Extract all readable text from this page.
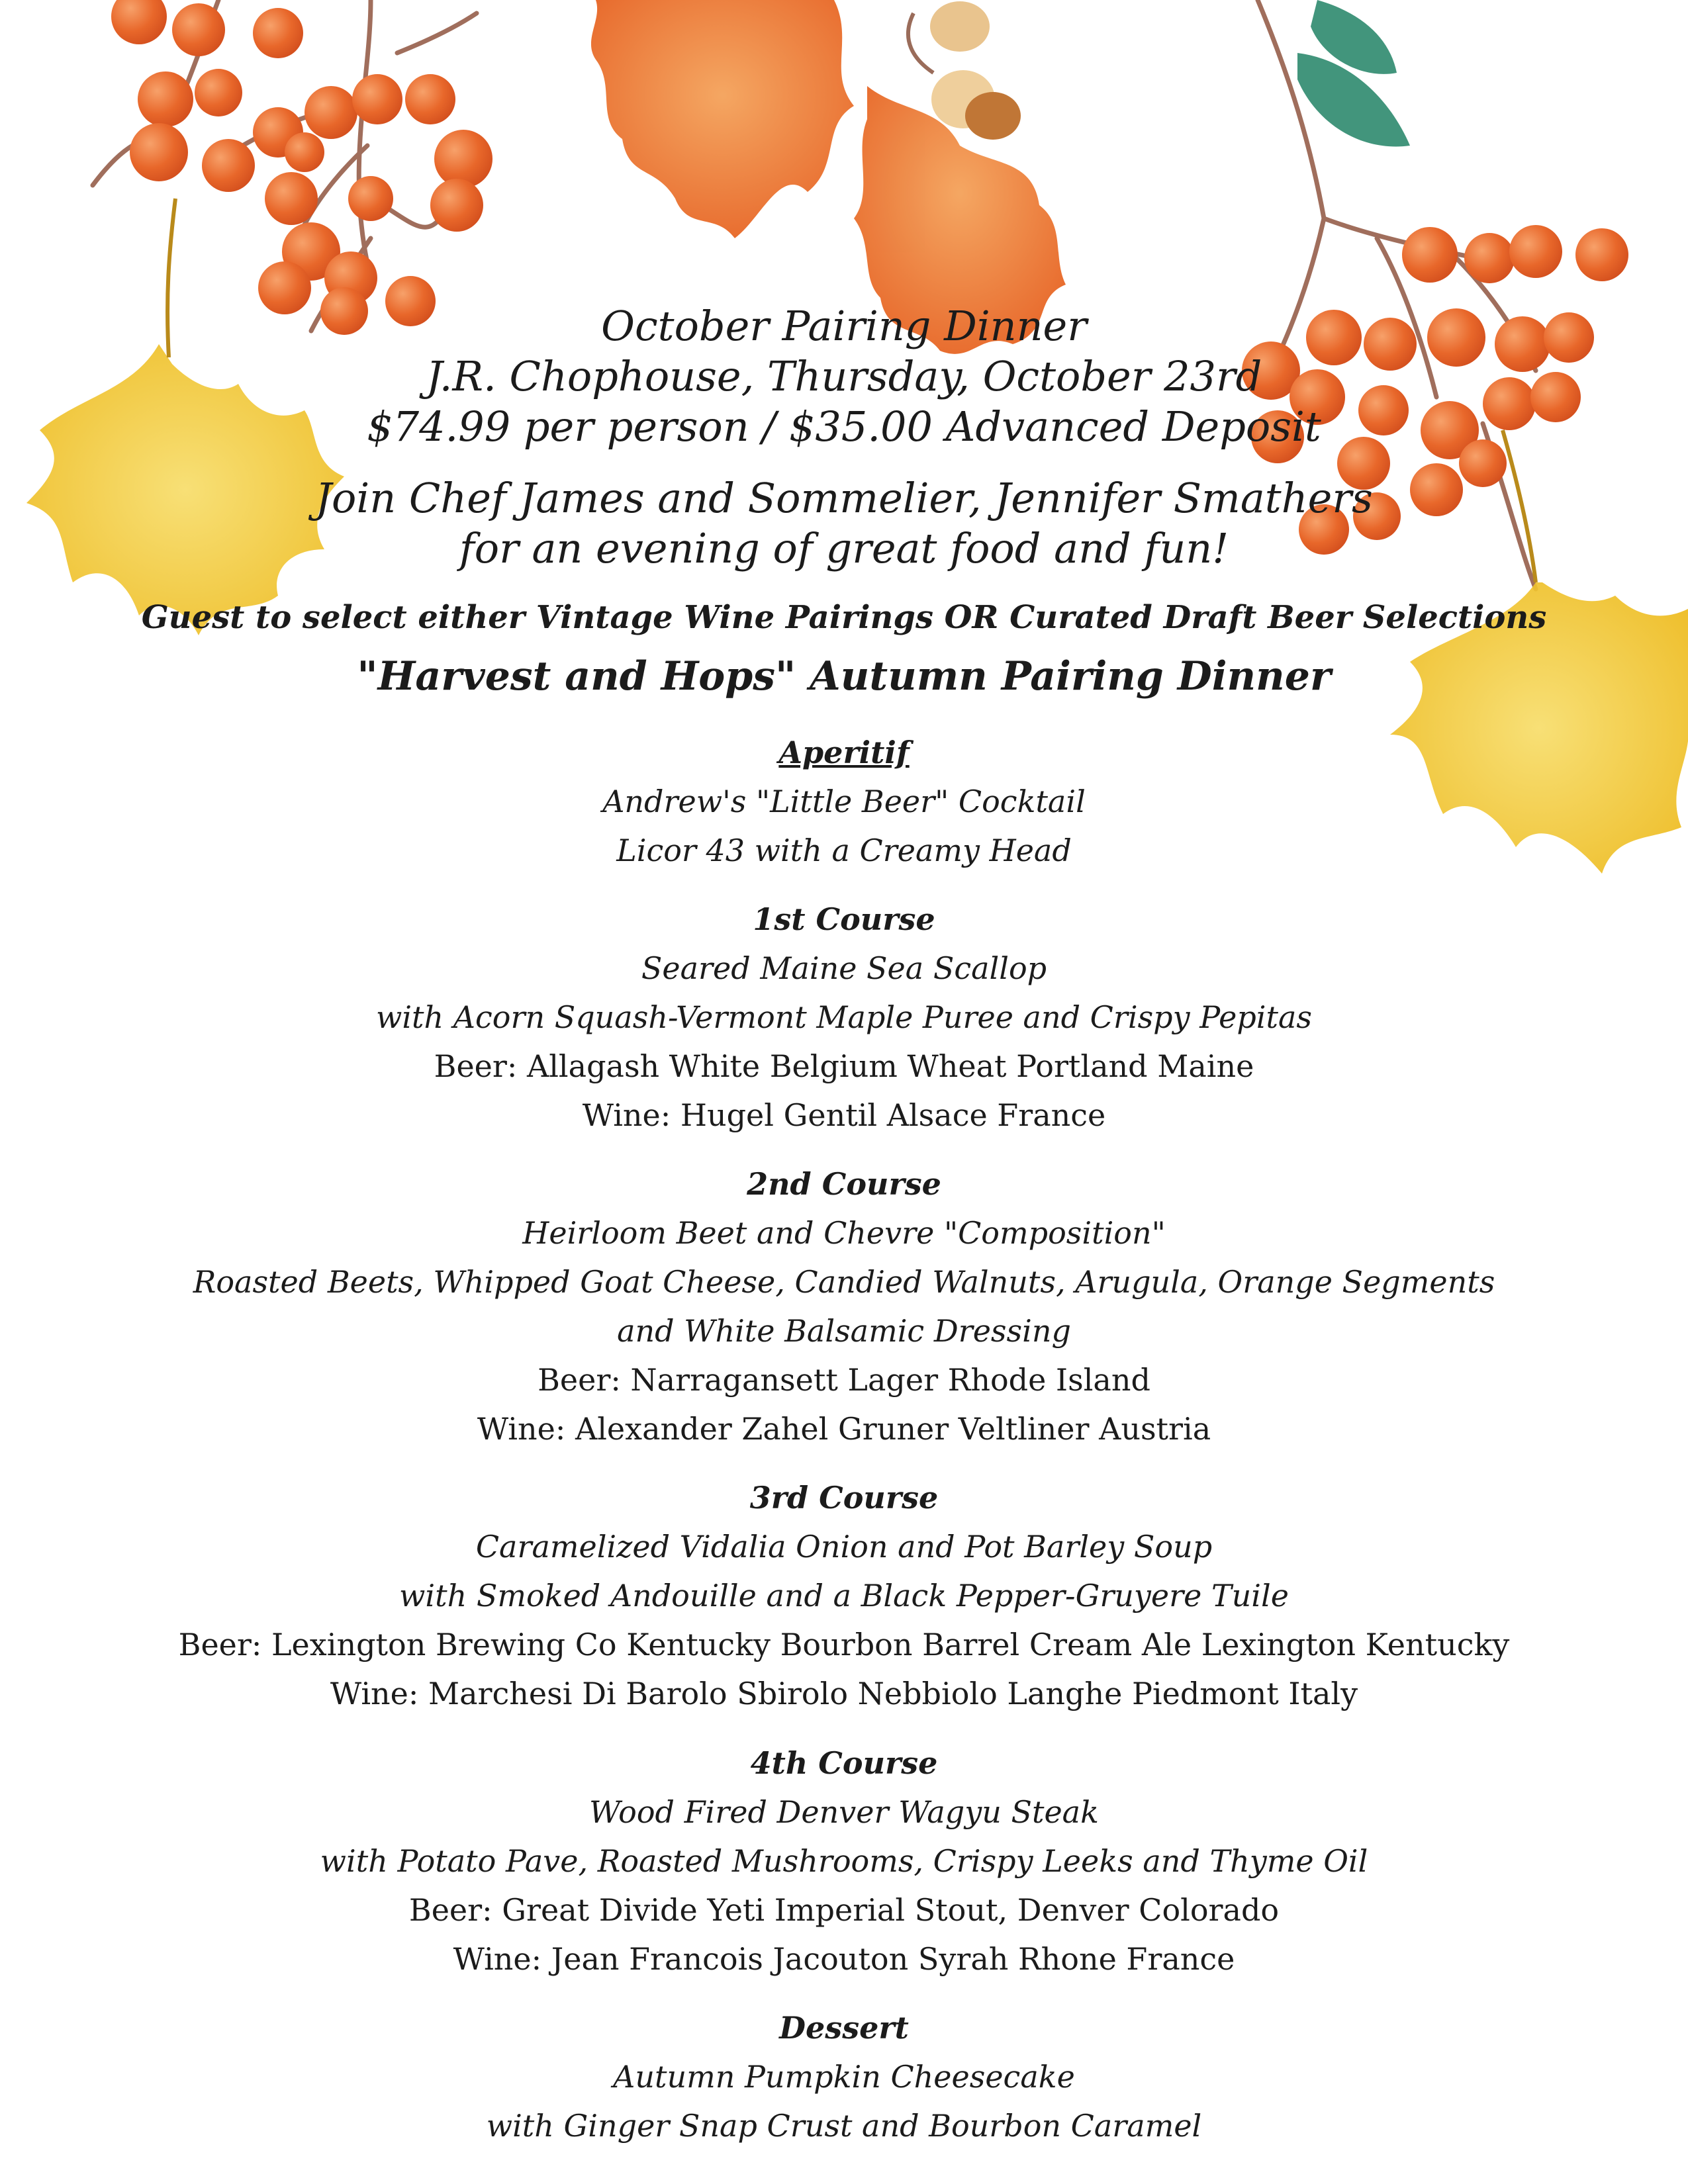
October Pairing Dinner
J.R. Chophouse, Thursday, October 23rd
$74.99 per person / $35.00 Advanced Deposit
Join Chef James and Sommelier, Jennifer Smathers
for an evening of great food and fun!
Guest to select either Vintage Wine Pairings OR Curated Draft Beer Selections
"Harvest and Hops" Autumn Pairing Dinner
Aperitif
Andrew's "Little Beer" Cocktail
Licor 43 with a Creamy Head
1st Course
Seared Maine Sea Scallop
with Acorn Squash-Vermont Maple Puree and Crispy Pepitas
Beer: Allagash White Belgium Wheat Portland Maine
Wine: Hugel Gentil Alsace France
2nd Course
Heirloom Beet and Chevre "Composition"
Roasted Beets, Whipped Goat Cheese, Candied Walnuts, Arugula, Orange Segments
and White Balsamic Dressing
Beer: Narragansett Lager Rhode Island
Wine: Alexander Zahel Gruner Veltliner Austria
3rd Course
Caramelized Vidalia Onion and Pot Barley Soup
with Smoked Andouille and a Black Pepper-Gruyere Tuile
Beer: Lexington Brewing Co Kentucky Bourbon Barrel Cream Ale Lexington Kentucky
Wine: Marchesi Di Barolo Sbirolo Nebbiolo Langhe Piedmont Italy
4th Course
Wood Fired Denver Wagyu Steak
with Potato Pave, Roasted Mushrooms, Crispy Leeks and Thyme Oil
Beer: Great Divide Yeti Imperial Stout, Denver Colorado
Wine: Jean Francois Jacouton Syrah Rhone France
Dessert
Autumn Pumpkin Cheesecake
with Ginger Snap Crust and Bourbon Caramel
